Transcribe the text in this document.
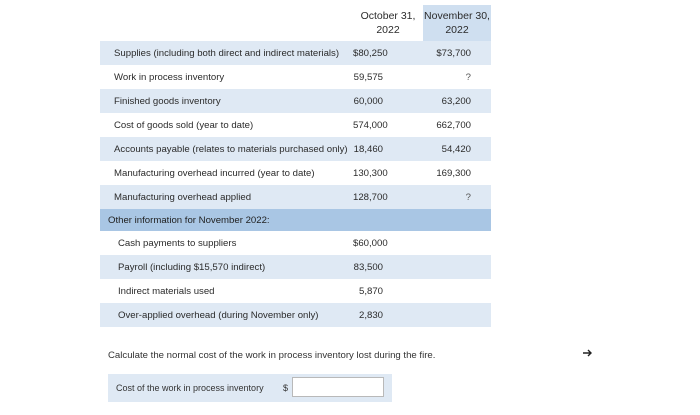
	October 31,
2022	November 30,
2022
Supplies (including both direct and indirect materials)	$80,250	$73,700
Work in process inventory	59,575	?
Finished goods inventory	60,000	63,200
Cost of goods sold (year to date)	574,000	662,700
Accounts payable (relates to materials purchased only)	18,460	54,420
Manufacturing overhead incurred (year to date)	130,300	169,300
Manufacturing overhead applied	128,700	?
Other information for November 2022:		
Cash payments to suppliers	$60,000	
Payroll (including $15,570 indirect)	83,500	
Indirect materials used	5,870	
Over-applied overhead (during November only)	2,830	
Calculate the normal cost of the work in process inventory lost during the fire.
Cost of the work in process inventory $
